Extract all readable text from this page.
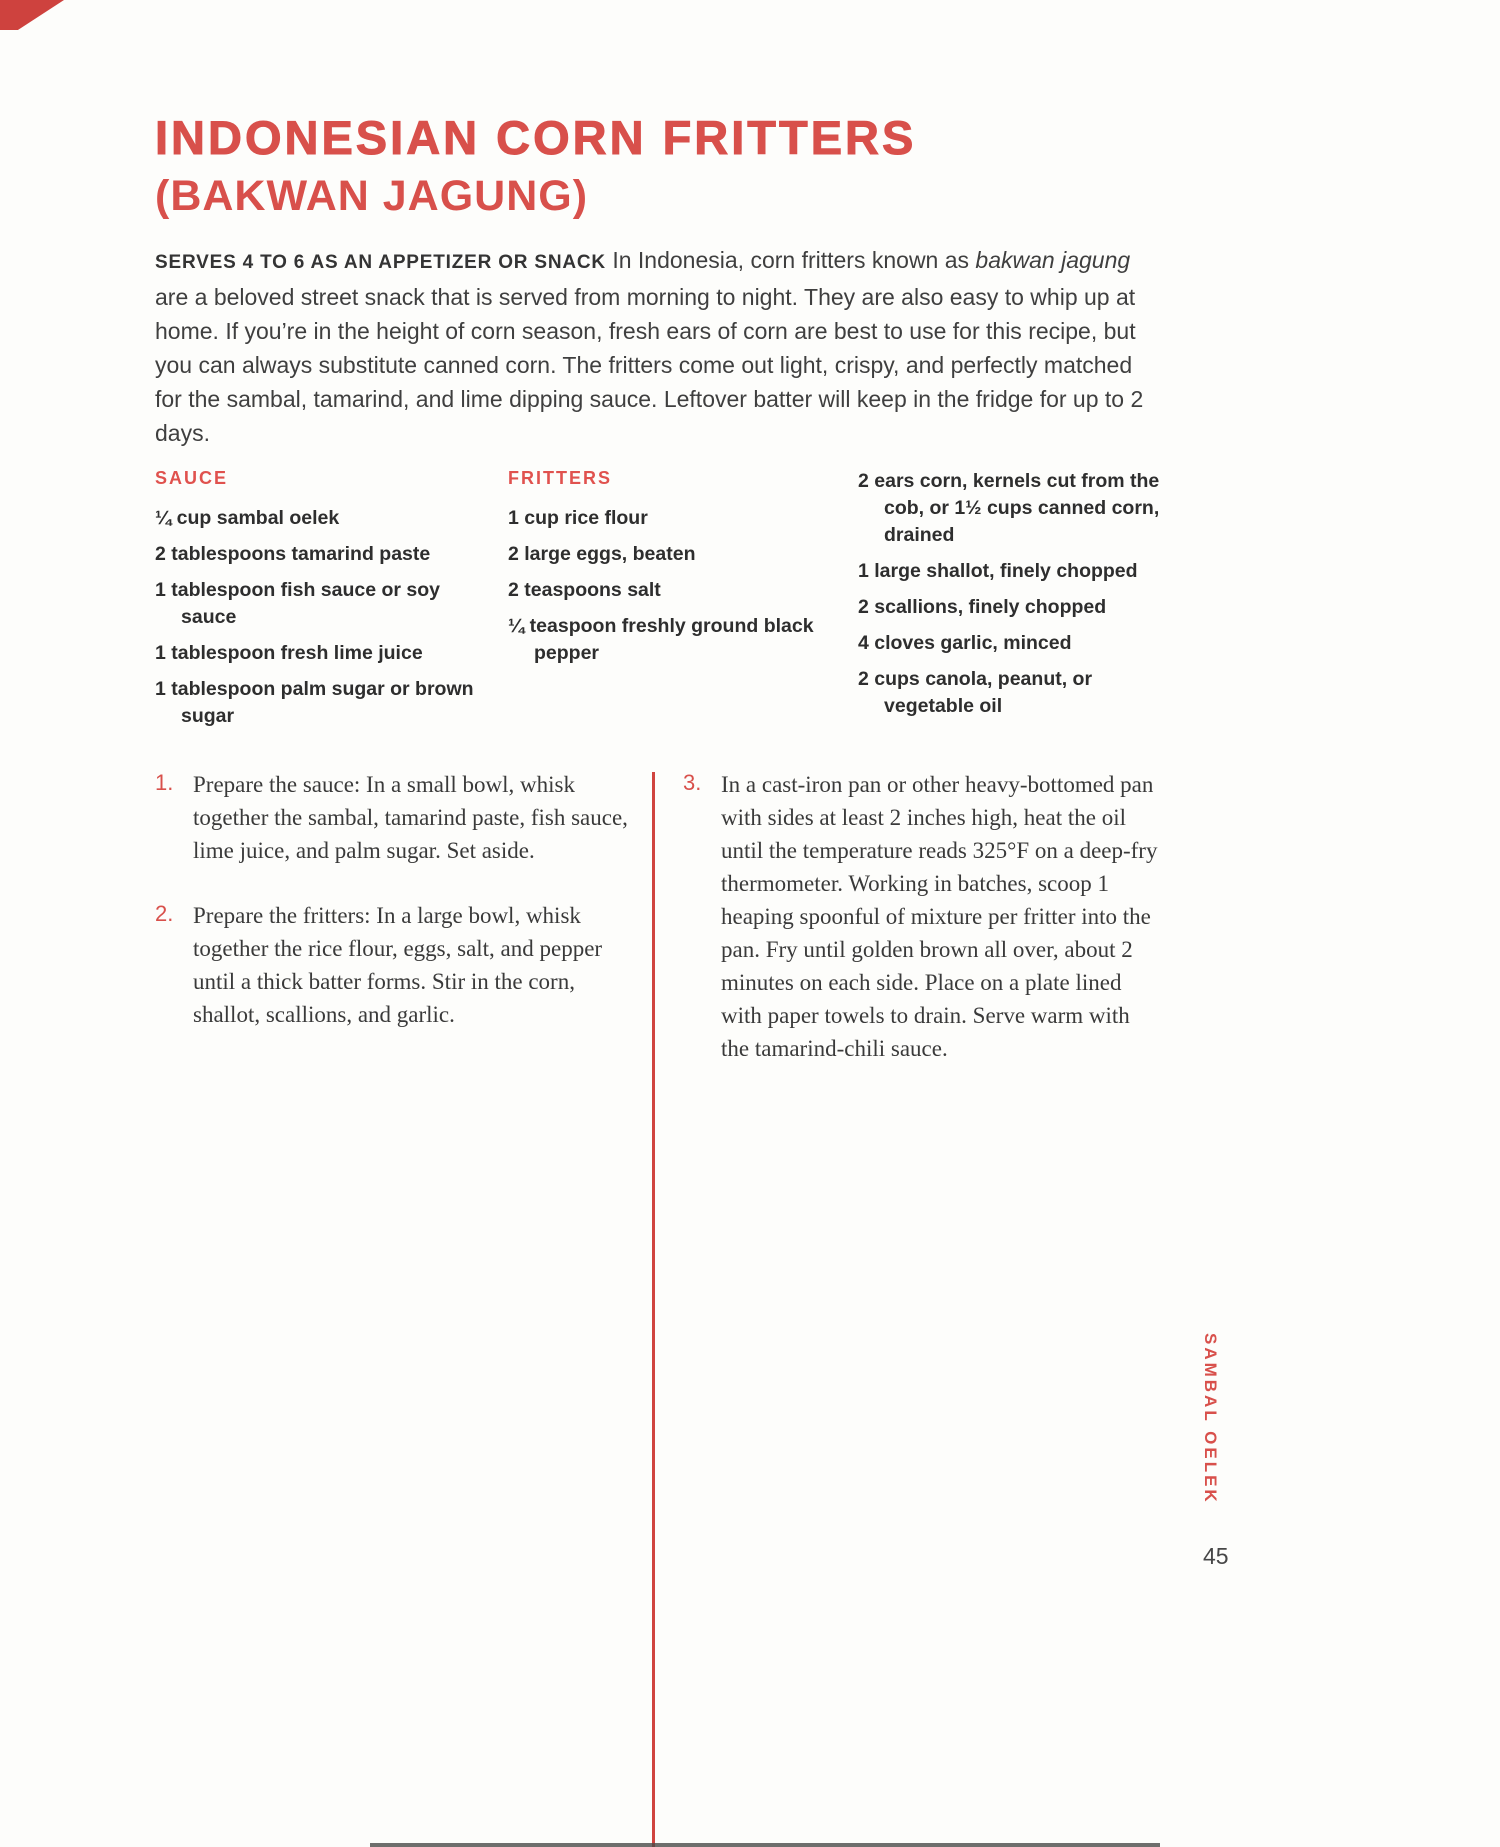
INDONESIAN CORN FRITTERS
(BAKWAN JAGUNG)

SERVES 4 TO 6 AS AN APPETIZER OR SNACK In Indonesia, corn fritters known as bakwan jagung are a beloved street snack that is served from morning to night. They are also easy to whip up at home. If you’re in the height of corn season, fresh ears of corn are best to use for this recipe, but you can always substitute canned corn. The fritters come out light, crispy, and perfectly matched for the sambal, tamarind, and lime dipping sauce. Leftover batter will keep in the fridge for up to 2 days.

SAUCE
¼ cup sambal oelek
2 tablespoons tamarind paste
1 tablespoon fish sauce or soy sauce
1 tablespoon fresh lime juice
1 tablespoon palm sugar or brown sugar
FRITTERS
1 cup rice flour
2 large eggs, beaten
2 teaspoons salt
¼ teaspoon freshly ground black pepper
2 ears corn, kernels cut from the cob, or 1½ cups canned corn, drained
1 large shallot, finely chopped
2 scallions, finely chopped
4 cloves garlic, minced
2 cups canola, peanut, or vegetable oil
1. Prepare the sauce: In a small bowl, whisk together the sambal, tamarind paste, fish sauce, lime juice, and palm sugar. Set aside.
2. Prepare the fritters: In a large bowl, whisk together the rice flour, eggs, salt, and pepper until a thick batter forms. Stir in the corn, shallot, scallions, and garlic.
3. In a cast-iron pan or other heavy-bottomed pan with sides at least 2 inches high, heat the oil until the temperature reads 325°F on a deep-fry thermometer. Working in batches, scoop 1 heaping spoonful of mixture per fritter into the pan. Fry until golden brown all over, about 2 minutes on each side. Place on a plate lined with paper towels to drain. Serve warm with the tamarind-chili sauce.
SAMBAL OELEK
45
